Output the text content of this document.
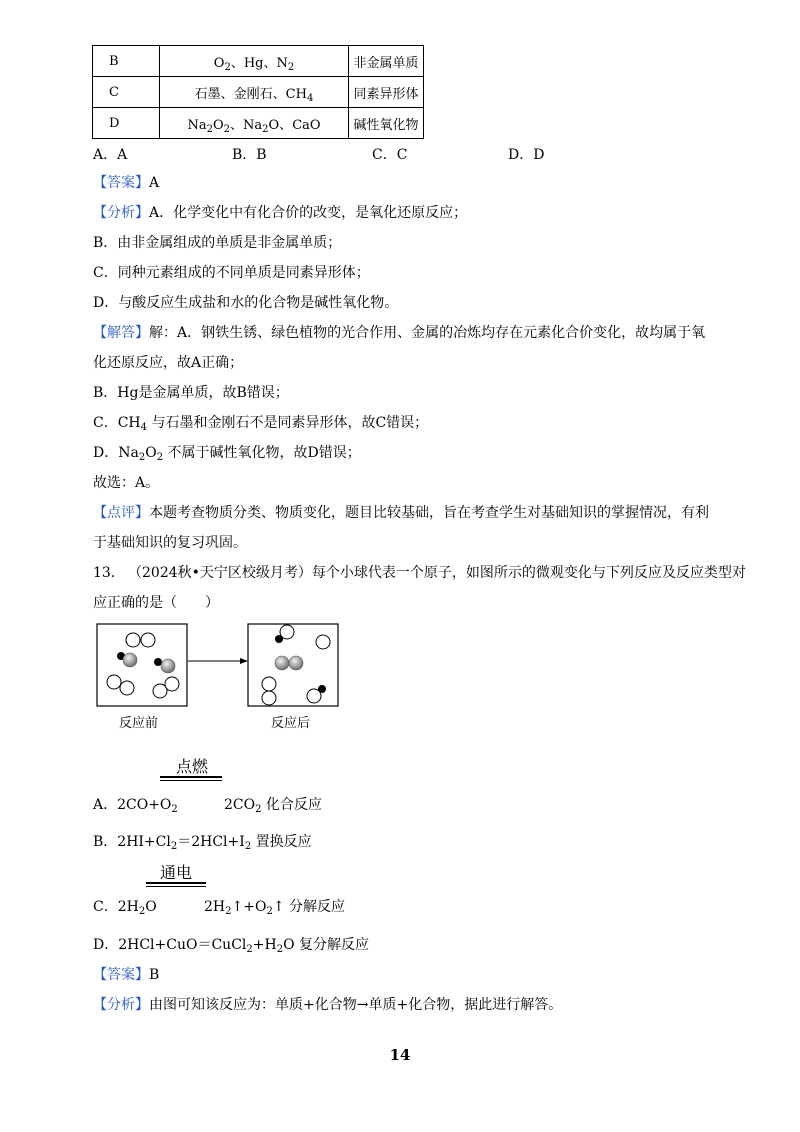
B	$O_2$、Hg、$N_2$	非金属单质
C	石墨、金刚石、$CH_4$	同素异形体
D	$Na_2O_2$、$Na_2O$、CaO	碱性氧化物
A．A	B．B	C．C	D．D
【答案】A
【分析】A．化学变化中有化合价的改变，是氧化还原反应；
B．由非金属组成的单质是非金属单质；
C．同种元素组成的不同单质是同素异形体；
D．与酸反应生成盐和水的化合物是碱性氧化物。
【解答】解：A．钢铁生锈、绿色植物的光合作用、金属的冶炼均存在元素化合价变化，故均属于氧
化还原反应，故A正确；
B．Hg是金属单质，故B错误；
C．$CH_4$ 与石墨和金刚石不是同素异形体，故C错误；
D．$Na_2O_2$ 不属于碱性氧化物，故D错误；
故选：A。
【点评】本题考查物质分类、物质变化，题目比较基础，旨在考查学生对基础知识的掌握情况，有利
于基础知识的复习巩固。
13． （2024秋•天宁区校级月考）每个小球代表一个原子，如图所示的微观变化与下列反应及反应类型对
应正确的是（　　）
反应前	反应后
点燃
A．$2CO+O_2$	$2CO_2$ 化合反应
B．$2HI+Cl_2=2HCl+I_2$ 置换反应
通电
C．$2H_2O$	$2H_2↑+O_2↑$ 分解反应
D．$2HCl+CuO=CuCl_2+H_2O$ 复分解反应
【答案】B
【分析】由图可知该反应为：单质+化合物→单质+化合物，据此进行解答。
14
